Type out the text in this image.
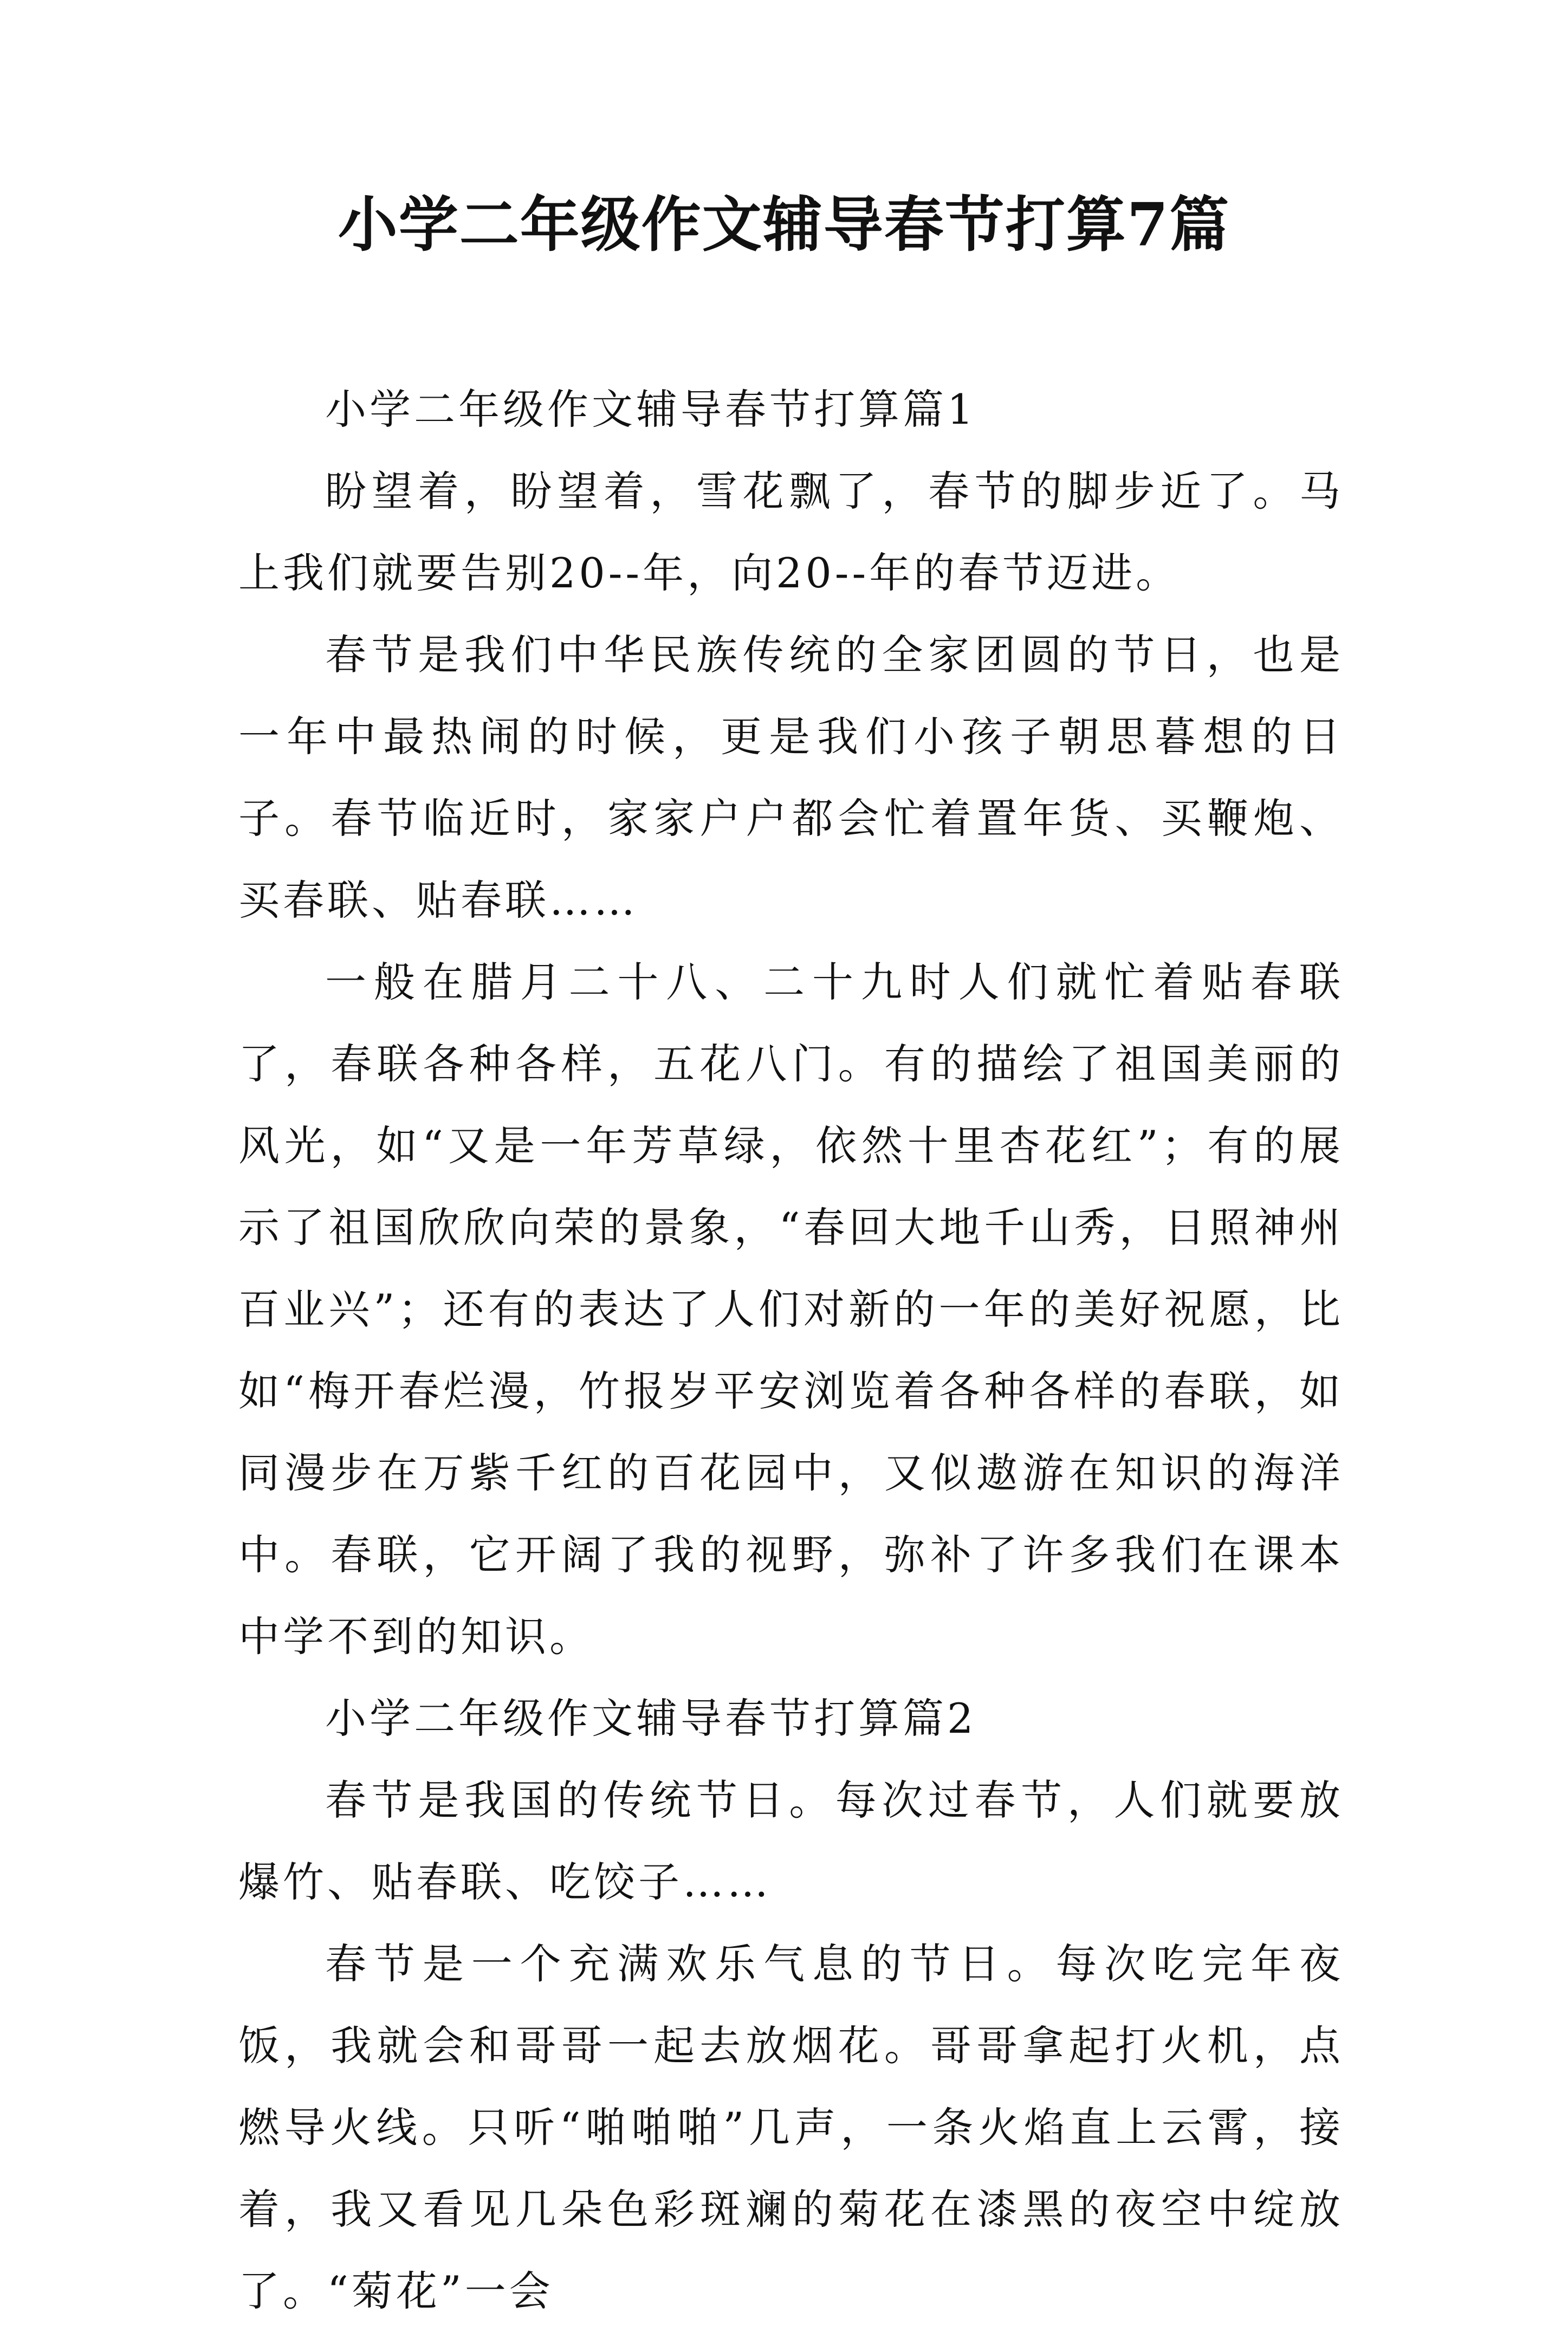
小学二年级作文辅导春节打算7篇

小学二年级作文辅导春节打算篇1

盼望着，盼望着，雪花飘了，春节的脚步近了。马上我们就要告别20--年，向20--年的春节迈进。

春节是我们中华民族传统的全家团圆的节日，也是一年中最热闹的时候，更是我们小孩子朝思暮想的日子。春节临近时，家家户户都会忙着置年货、买鞭炮、买春联、贴春联……

一般在腊月二十八、二十九时人们就忙着贴春联了，春联各种各样，五花八门。有的描绘了祖国美丽的风光，如“又是一年芳草绿，依然十里杏花红”；有的展示了祖国欣欣向荣的景象，“春回大地千山秀，日照神州百业兴”；还有的表达了人们对新的一年的美好祝愿，比如“梅开春烂漫，竹报岁平安浏览着各种各样的春联，如同漫步在万紫千红的百花园中，又似遨游在知识的海洋中。春联，它开阔了我的视野，弥补了许多我们在课本中学不到的知识。

小学二年级作文辅导春节打算篇2

春节是我国的传统节日。每次过春节，人们就要放爆竹、贴春联、吃饺子……

春节是一个充满欢乐气息的节日。每次吃完年夜饭，我就会和哥哥一起去放烟花。哥哥拿起打火机，点燃导火线。只听“啪啪啪”几声，一条火焰直上云霄，接着，我又看见几朵色彩斑斓的菊花在漆黑的夜空中绽放了。“菊花”一会
